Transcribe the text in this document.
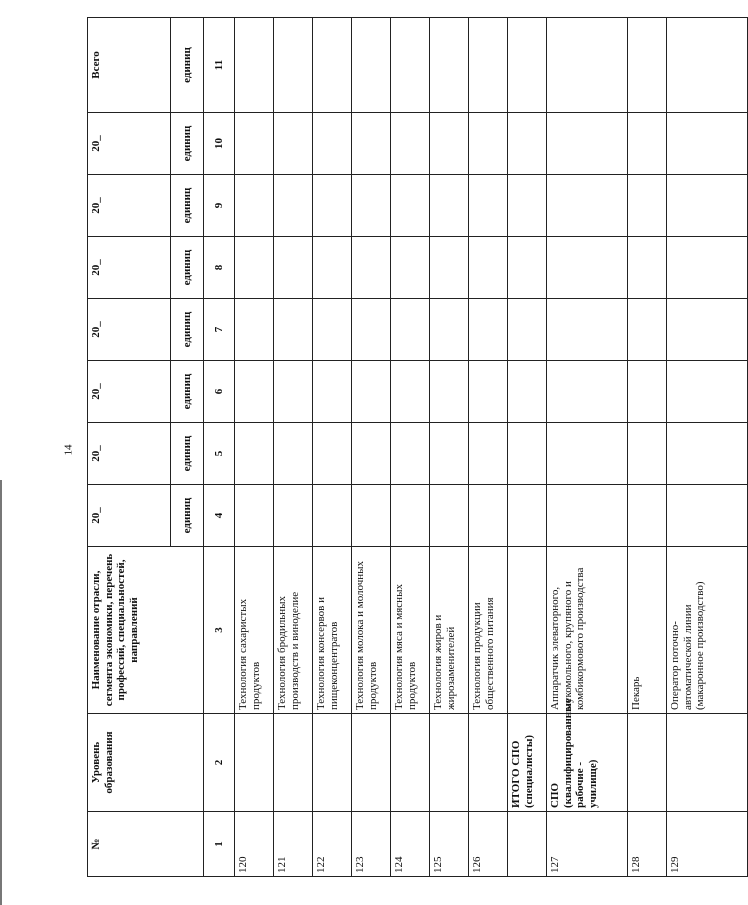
14
№	Уровень образования	Наименование отрасли, сегмента экономики, перечень профессий, специальностей, направлений	20_	20_	20_	20_	20_	20_	20_	Всего
			единиц	единиц	единиц	единиц	единиц	единиц	единиц	единиц
1	2	3	4	5	6	7	8	9	10	11
120		Технология сахаристых продуктов								
121		Технология бродильных производств и виноделие								
122		Технология консервов и пищеконцентратов								
123		Технология молока и молочных продуктов								
124		Технология мяса и мясных продуктов								
125		Технология жиров и жирозаменителей								
126		Технология продукции общественного питания								
	ИТОГО СПО (специалисты)									
127	СПО (квалифицированные рабочие - училище)	Аппаратчик элеваторного, мукомольного, крупяного и комбикормового производства								
128		Пекарь								
129		Оператор поточно-автоматической линии (макаронное производство)								
